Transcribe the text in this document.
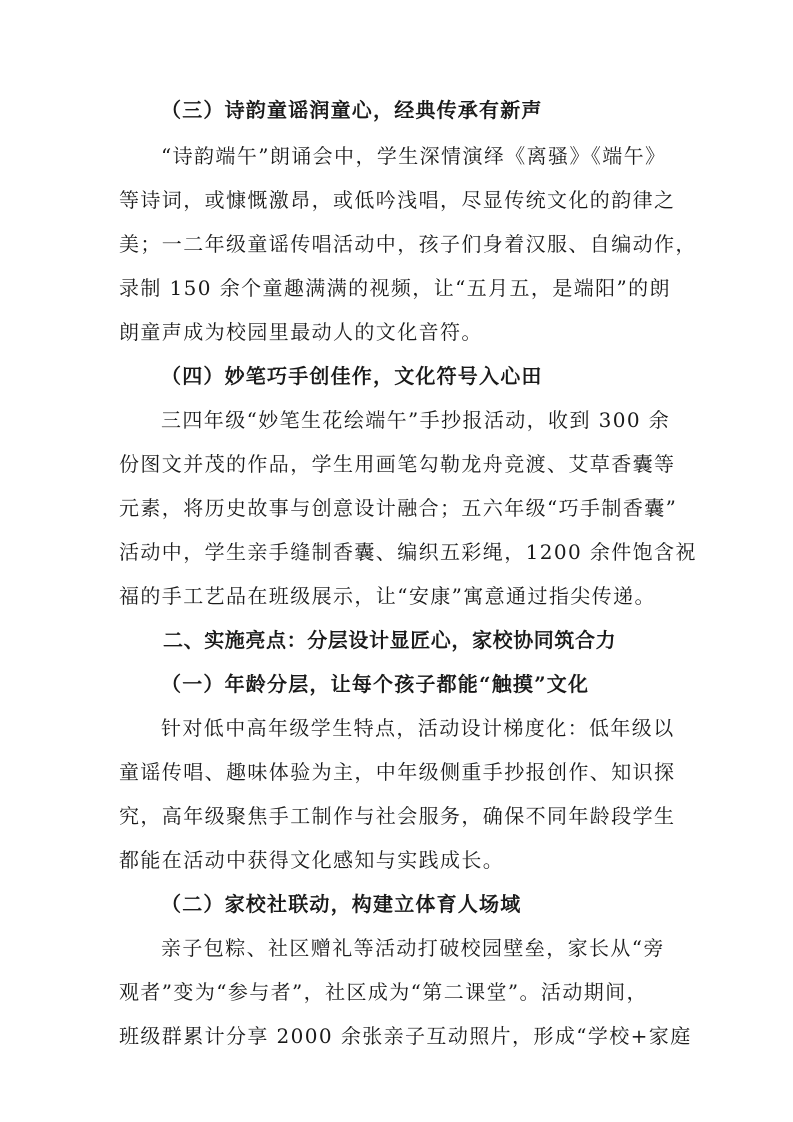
（三）诗韵童谣润童心，经典传承有新声
“诗韵端午”朗诵会中，学生深情演绎《离骚》《端午》
等诗词，或慷慨激昂，或低吟浅唱，尽显传统文化的韵律之
美；一二年级童谣传唱活动中，孩子们身着汉服、自编动作，
录制 150 余个童趣满满的视频，让“五月五，是端阳”的朗
朗童声成为校园里最动人的文化音符。
（四）妙笔巧手创佳作，文化符号入心田
三四年级“妙笔生花绘端午”手抄报活动，收到 300 余
份图文并茂的作品，学生用画笔勾勒龙舟竞渡、艾草香囊等
元素，将历史故事与创意设计融合；五六年级“巧手制香囊”
活动中，学生亲手缝制香囊、编织五彩绳，1200 余件饱含祝
福的手工艺品在班级展示，让“安康”寓意通过指尖传递。
二、实施亮点：分层设计显匠心，家校协同筑合力
（一）年龄分层，让每个孩子都能“触摸”文化
针对低中高年级学生特点，活动设计梯度化：低年级以
童谣传唱、趣味体验为主，中年级侧重手抄报创作、知识探
究，高年级聚焦手工制作与社会服务，确保不同年龄段学生
都能在活动中获得文化感知与实践成长。
（二）家校社联动，构建立体育人场域
亲子包粽、社区赠礼等活动打破校园壁垒，家长从“旁
观者”变为“参与者”，社区成为“第二课堂”。活动期间，
班级群累计分享 2000 余张亲子互动照片，形成“学校+家庭
